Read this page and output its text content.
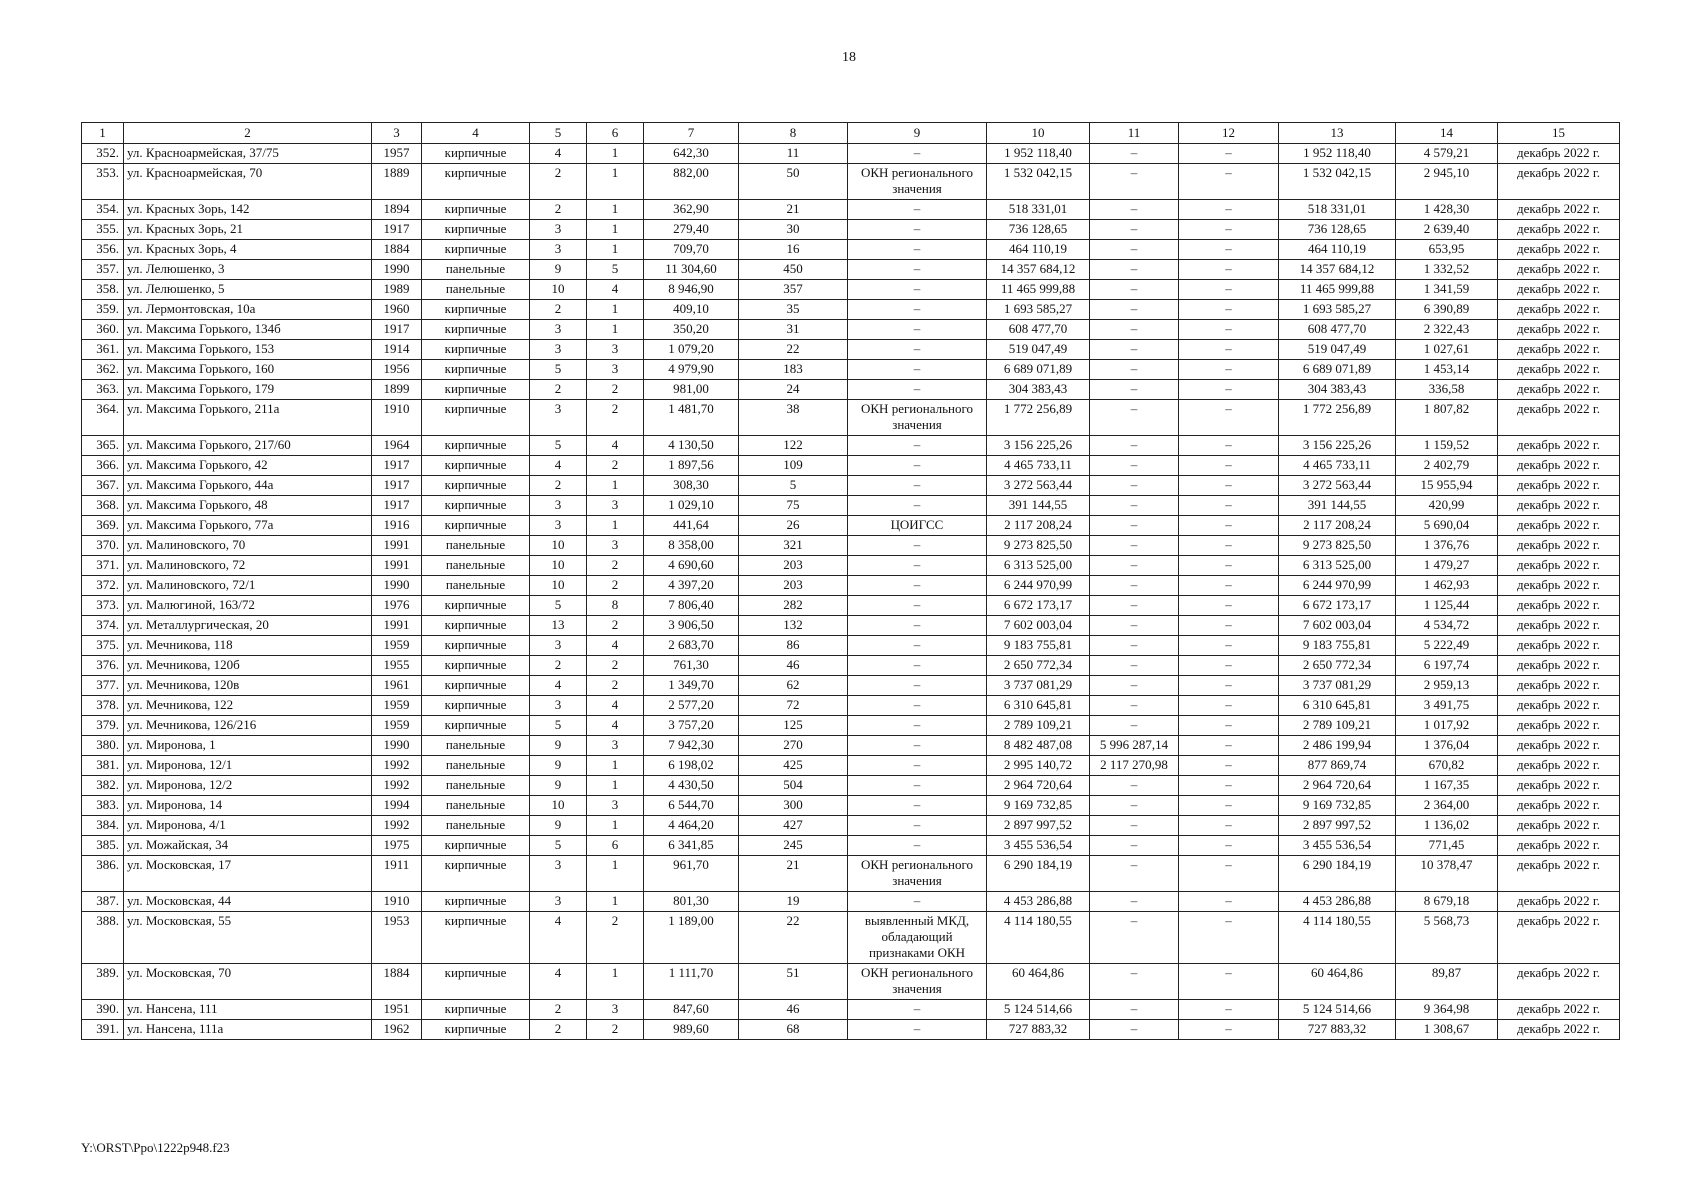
18
1	2	3	4	5	6	7	8	9	10	11	12	13	14	15
352.	ул. Красноармейская, 37/75	1957	кирпичные	4	1	642,30	11	–	1 952 118,40	–	–	1 952 118,40	4 579,21	декабрь 2022 г.
353.	ул. Красноармейская, 70	1889	кирпичные	2	1	882,00	50	ОКН регионального значения	1 532 042,15	–	–	1 532 042,15	2 945,10	декабрь 2022 г.
354.	ул. Красных Зорь, 142	1894	кирпичные	2	1	362,90	21	–	518 331,01	–	–	518 331,01	1 428,30	декабрь 2022 г.
355.	ул. Красных Зорь, 21	1917	кирпичные	3	1	279,40	30	–	736 128,65	–	–	736 128,65	2 639,40	декабрь 2022 г.
356.	ул. Красных Зорь, 4	1884	кирпичные	3	1	709,70	16	–	464 110,19	–	–	464 110,19	653,95	декабрь 2022 г.
357.	ул. Лелюшенко, 3	1990	панельные	9	5	11 304,60	450	–	14 357 684,12	–	–	14 357 684,12	1 332,52	декабрь 2022 г.
358.	ул. Лелюшенко, 5	1989	панельные	10	4	8 946,90	357	–	11 465 999,88	–	–	11 465 999,88	1 341,59	декабрь 2022 г.
359.	ул. Лермонтовская, 10а	1960	кирпичные	2	1	409,10	35	–	1 693 585,27	–	–	1 693 585,27	6 390,89	декабрь 2022 г.
360.	ул. Максима Горького, 134б	1917	кирпичные	3	1	350,20	31	–	608 477,70	–	–	608 477,70	2 322,43	декабрь 2022 г.
361.	ул. Максима Горького, 153	1914	кирпичные	3	3	1 079,20	22	–	519 047,49	–	–	519 047,49	1 027,61	декабрь 2022 г.
362.	ул. Максима Горького, 160	1956	кирпичные	5	3	4 979,90	183	–	6 689 071,89	–	–	6 689 071,89	1 453,14	декабрь 2022 г.
363.	ул. Максима Горького, 179	1899	кирпичные	2	2	981,00	24	–	304 383,43	–	–	304 383,43	336,58	декабрь 2022 г.
364.	ул. Максима Горького, 211а	1910	кирпичные	3	2	1 481,70	38	ОКН регионального значения	1 772 256,89	–	–	1 772 256,89	1 807,82	декабрь 2022 г.
365.	ул. Максима Горького, 217/60	1964	кирпичные	5	4	4 130,50	122	–	3 156 225,26	–	–	3 156 225,26	1 159,52	декабрь 2022 г.
366.	ул. Максима Горького, 42	1917	кирпичные	4	2	1 897,56	109	–	4 465 733,11	–	–	4 465 733,11	2 402,79	декабрь 2022 г.
367.	ул. Максима Горького, 44а	1917	кирпичные	2	1	308,30	5	–	3 272 563,44	–	–	3 272 563,44	15 955,94	декабрь 2022 г.
368.	ул. Максима Горького, 48	1917	кирпичные	3	3	1 029,10	75	–	391 144,55	–	–	391 144,55	420,99	декабрь 2022 г.
369.	ул. Максима Горького, 77а	1916	кирпичные	3	1	441,64	26	ЦОИГСС	2 117 208,24	–	–	2 117 208,24	5 690,04	декабрь 2022 г.
370.	ул. Малиновского, 70	1991	панельные	10	3	8 358,00	321	–	9 273 825,50	–	–	9 273 825,50	1 376,76	декабрь 2022 г.
371.	ул. Малиновского, 72	1991	панельные	10	2	4 690,60	203	–	6 313 525,00	–	–	6 313 525,00	1 479,27	декабрь 2022 г.
372.	ул. Малиновского, 72/1	1990	панельные	10	2	4 397,20	203	–	6 244 970,99	–	–	6 244 970,99	1 462,93	декабрь 2022 г.
373.	ул. Малюгиной, 163/72	1976	кирпичные	5	8	7 806,40	282	–	6 672 173,17	–	–	6 672 173,17	1 125,44	декабрь 2022 г.
374.	ул. Металлургическая, 20	1991	кирпичные	13	2	3 906,50	132	–	7 602 003,04	–	–	7 602 003,04	4 534,72	декабрь 2022 г.
375.	ул. Мечникова, 118	1959	кирпичные	3	4	2 683,70	86	–	9 183 755,81	–	–	9 183 755,81	5 222,49	декабрь 2022 г.
376.	ул. Мечникова, 120б	1955	кирпичные	2	2	761,30	46	–	2 650 772,34	–	–	2 650 772,34	6 197,74	декабрь 2022 г.
377.	ул. Мечникова, 120в	1961	кирпичные	4	2	1 349,70	62	–	3 737 081,29	–	–	3 737 081,29	2 959,13	декабрь 2022 г.
378.	ул. Мечникова, 122	1959	кирпичные	3	4	2 577,20	72	–	6 310 645,81	–	–	6 310 645,81	3 491,75	декабрь 2022 г.
379.	ул. Мечникова, 126/216	1959	кирпичные	5	4	3 757,20	125	–	2 789 109,21	–	–	2 789 109,21	1 017,92	декабрь 2022 г.
380.	ул. Миронова, 1	1990	панельные	9	3	7 942,30	270	–	8 482 487,08	5 996 287,14	–	2 486 199,94	1 376,04	декабрь 2022 г.
381.	ул. Миронова, 12/1	1992	панельные	9	1	6 198,02	425	–	2 995 140,72	2 117 270,98	–	877 869,74	670,82	декабрь 2022 г.
382.	ул. Миронова, 12/2	1992	панельные	9	1	4 430,50	504	–	2 964 720,64	–	–	2 964 720,64	1 167,35	декабрь 2022 г.
383.	ул. Миронова, 14	1994	панельные	10	3	6 544,70	300	–	9 169 732,85	–	–	9 169 732,85	2 364,00	декабрь 2022 г.
384.	ул. Миронова, 4/1	1992	панельные	9	1	4 464,20	427	–	2 897 997,52	–	–	2 897 997,52	1 136,02	декабрь 2022 г.
385.	ул. Можайская, 34	1975	кирпичные	5	6	6 341,85	245	–	3 455 536,54	–	–	3 455 536,54	771,45	декабрь 2022 г.
386.	ул. Московская, 17	1911	кирпичные	3	1	961,70	21	ОКН регионального значения	6 290 184,19	–	–	6 290 184,19	10 378,47	декабрь 2022 г.
387.	ул. Московская, 44	1910	кирпичные	3	1	801,30	19	–	4 453 286,88	–	–	4 453 286,88	8 679,18	декабрь 2022 г.
388.	ул. Московская, 55	1953	кирпичные	4	2	1 189,00	22	выявленный МКД, обладающий признаками ОКН	4 114 180,55	–	–	4 114 180,55	5 568,73	декабрь 2022 г.
389.	ул. Московская, 70	1884	кирпичные	4	1	1 111,70	51	ОКН регионального значения	60 464,86	–	–	60 464,86	89,87	декабрь 2022 г.
390.	ул. Нансена, 111	1951	кирпичные	2	3	847,60	46	–	5 124 514,66	–	–	5 124 514,66	9 364,98	декабрь 2022 г.
391.	ул. Нансена, 111а	1962	кирпичные	2	2	989,60	68	–	727 883,32	–	–	727 883,32	1 308,67	декабрь 2022 г.
Y:\ORST\Ppo\1222p948.f23
